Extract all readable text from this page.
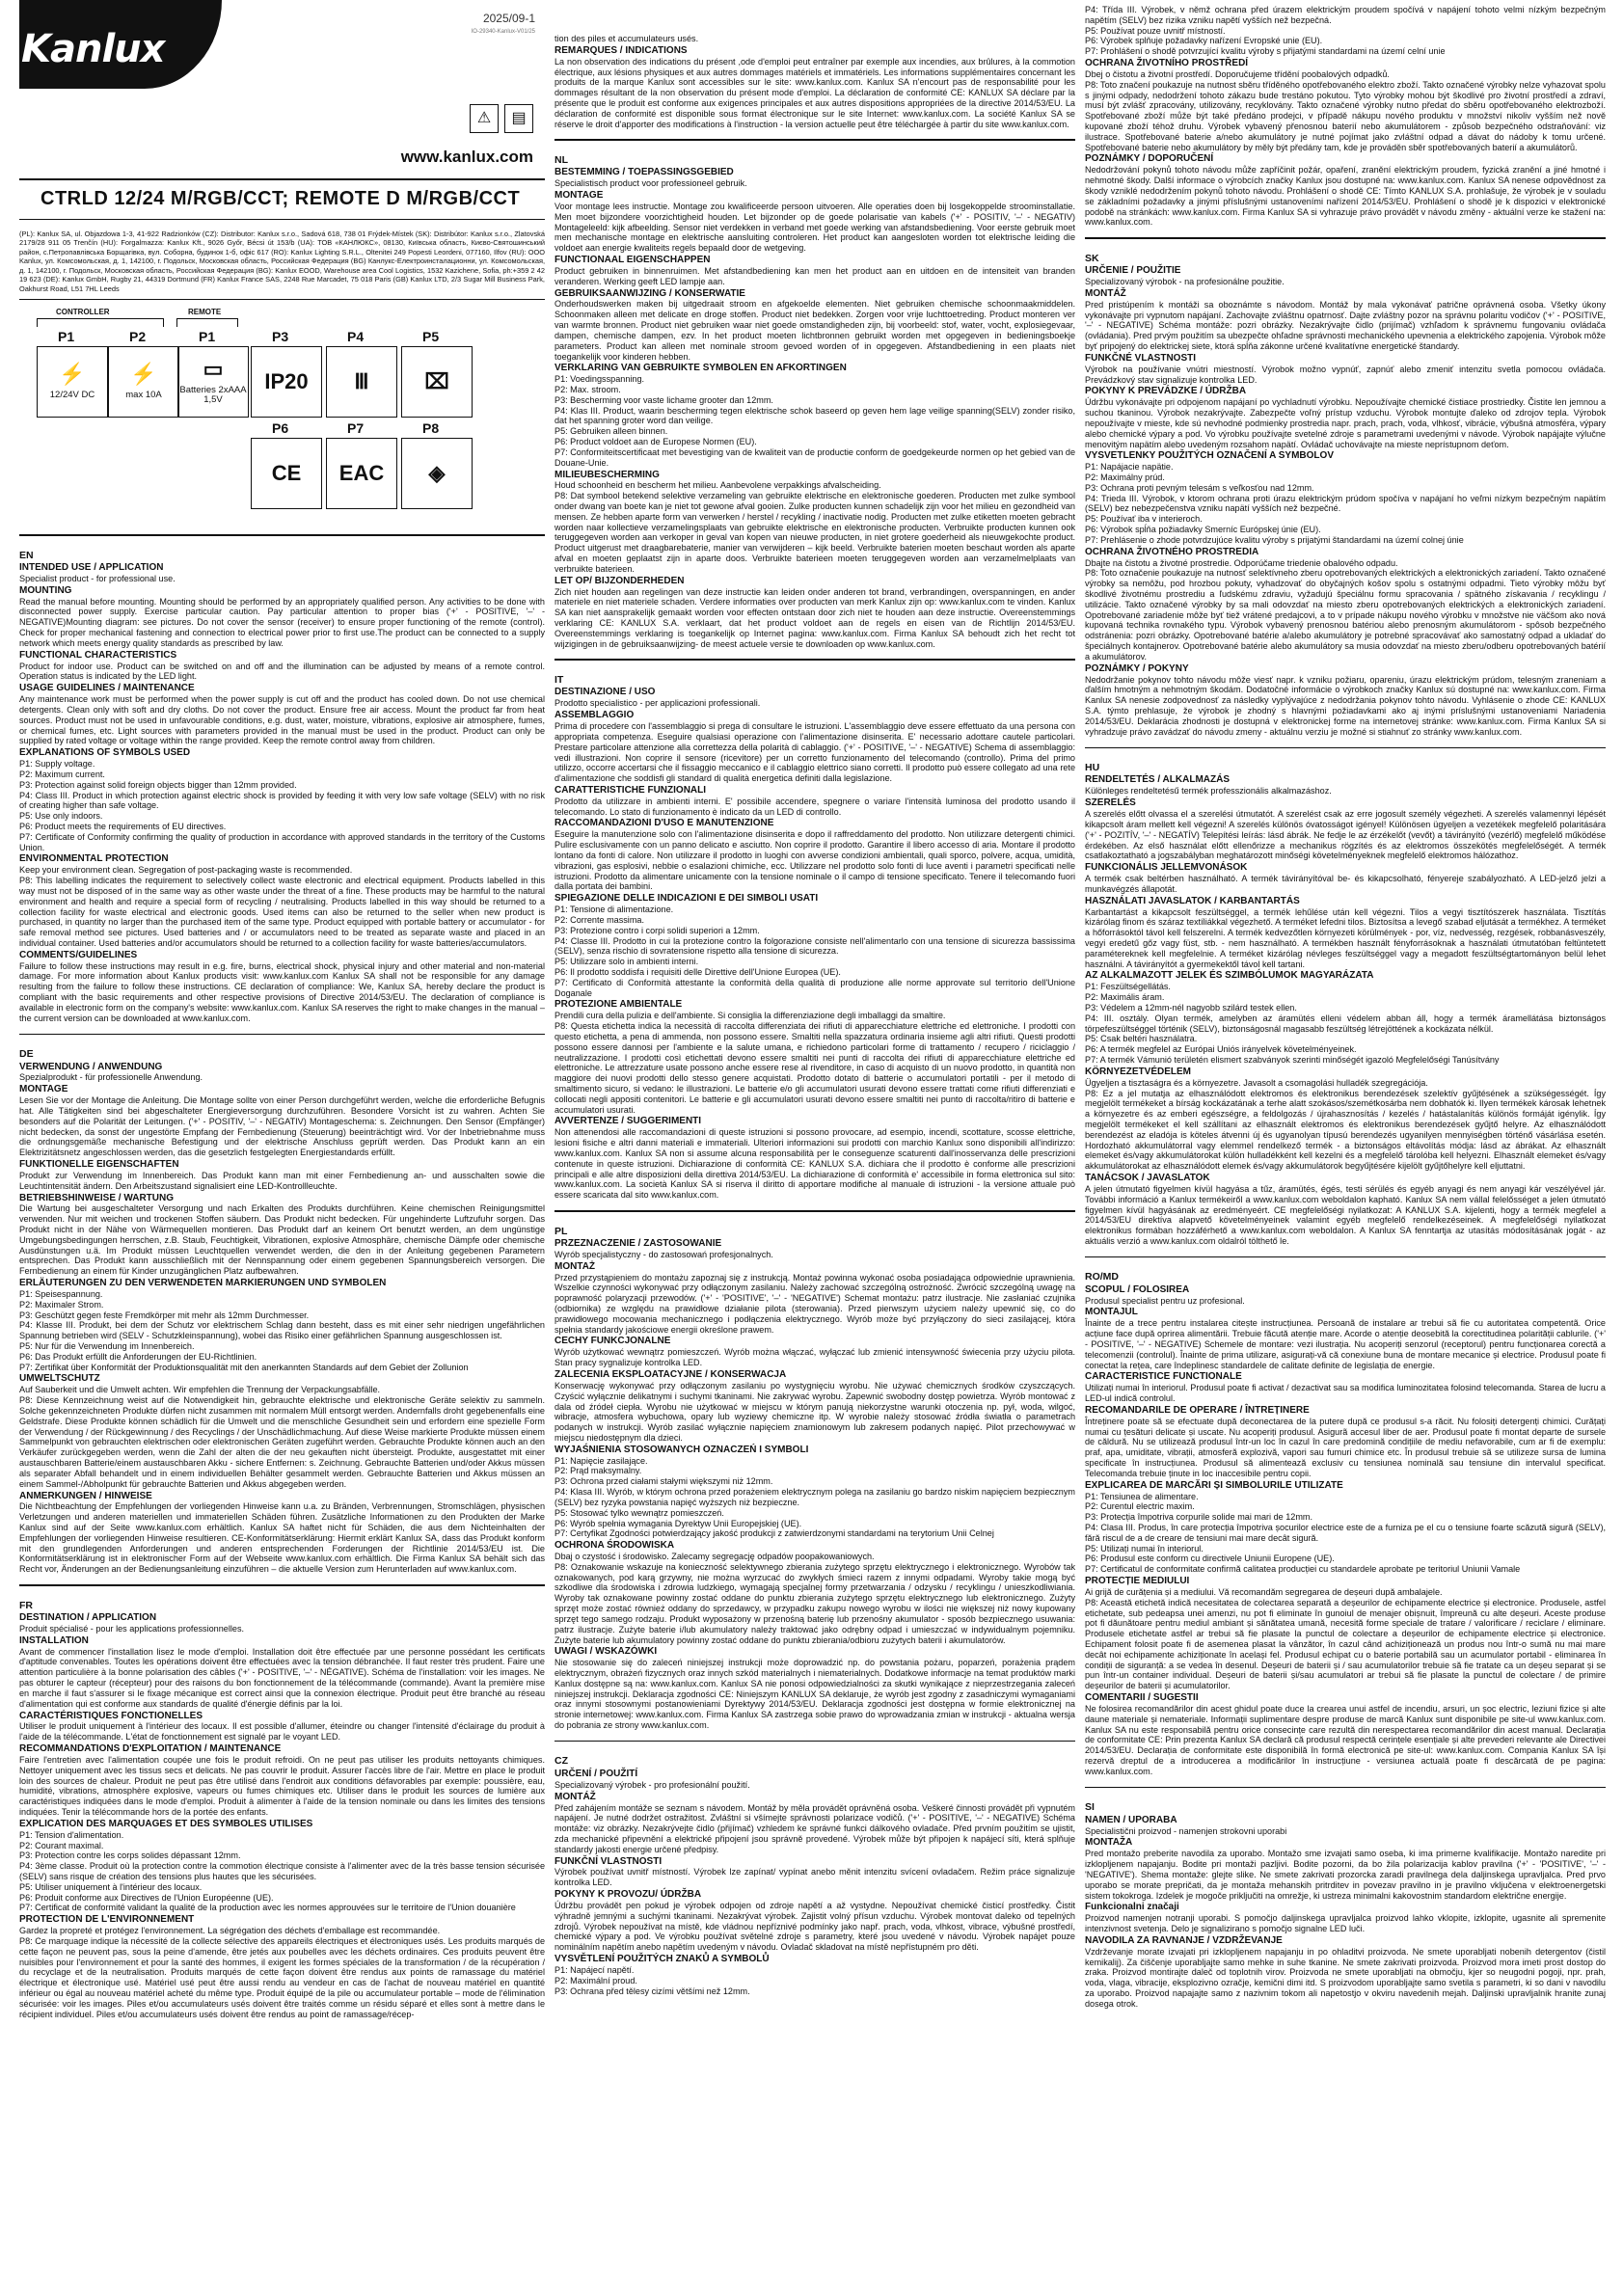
Kanlux
2025/09-1
IO-29340-Kanlux-V01/25
⚠	▤
www.kanlux.com
CTRLD 12/24 M/RGB/CCT; REMOTE D M/RGB/CCT
(PL): Kanlux SA, ul. Objazdowa 1-3, 41-922 Radzionków (CZ): Distributor: Kanlux s.r.o., Sadová 618, 738 01 Frýdek-Místek (SK): Distribútor: Kanlux s.r.o., Zlatovská 2179/28 911 05 Trenčín (HU): Forgalmazza: Kanlux Kft., 9026 Győr, Bécsi út 153/b (UA): ТОВ «КАНЛЮКС», 08130, Київська область, Києво-Святошинський район, с.Петропавлівська Борщагівка, вул. Соборна, будинок 1-б, офіс 617 (RO): Kanlux Lighting S.R.L., Oltenitei 249 Popesti Leordeni, 077160, Ilfov (RU): OOO Kanlux, ул. Комсомольская, д. 1, 142100, г. Подольск, Московская область, Российская Федерация (BG) Канлукс-Електроинсталационни, ул. Комсомольская, д. 1, 142100, г. Подольск, Московская область, Российская Федерация (BG): Kanlux EOOD, Warehouse area Cool Logistics, 1532 Kazichene, Sofia, ph:+359 2 42 19 623 (DE): Kanlux GmbH, Rugby 21, 44319 Dortmund (FR) Kanlux France SAS, 2248 Rue Marcadet, 75 018 Paris (GB) Kanlux LTD, 2/3 Sugar Mill Business Park, Oakhurst Road, L51 7HL Leeds
CONTROLLER	REMOTE
P1
⚡
12/24V DC
P2
⚡
max 10A
P1
▭
Batteries 2xAAA 1,5V
P3
IP20
P4
Ⅲ
P5
⌧
P6
CE
P7
EAC
P8
◈
EN
INTENDED USE / APPLICATION
Specialist product - for professional use.
MOUNTING
Read the manual before mounting. Mounting should be performed by an appropriately qualified person. Any activities to be done with disconnected power supply. Exercise particular caution. Pay particular attention to proper bias ('+' - POSITIVE, '–' - NEGATIVE)Mounting diagram: see pictures. Do not cover the sensor (receiver) to ensure proper functioning of the remote (control). Check for proper mechanical fastening and connection to electrical power prior to first use.The product can be connected to a supply network which meets energy quality standards as prescribed by law.
FUNCTIONAL CHARACTERISTICS
Product for indoor use. Product can be switched on and off and the illumination can be adjusted by means of a remote control. Operation status is indicated by the LED light.
USAGE GUIDELINES / MAINTENANCE
Any maintenance work must be performed when the power supply is cut off and the product has cooled down. Do not use chemical detergents. Clean only with soft and dry cloths. Do not cover the product. Ensure free air access. Mount the product far from heat sources. Product must not be used in unfavourable conditions, e.g. dust, water, moisture, vibrations, explosive air atmosphere, fumes, or chemical fumes, etc. Light sources with parameters provided in the manual must be used in the product. Product can only be supplied by rated voltage or voltage within the range provided. Keep the remote control away from children.
EXPLANATIONS OF SYMBOLS USED
P1: Supply voltage.
P2: Maximum current.
P3: Protection against solid foreign objects bigger than 12mm provided.
P4: Class III. Product in which protection against electric shock is provided by feeding it with very low safe voltage (SELV) with no risk of creating higher than safe voltage.
P5: Use only indoors.
P6: Product meets the requirements of EU directives.
P7: Certificate of Conformity confirming the quality of production in accordance with approved standards in the territory of the Customs Union.
ENVIRONMENTAL PROTECTION
Keep your environment clean. Segregation of post-packaging waste is recommended.
P8: This labelling indicates the requirement to selectively collect waste electronic and electrical equipment. Products labelled in this way must not be disposed of in the same way as other waste under the threat of a fine. These products may be harmful to the natural environment and health and require a special form of recycling / neutralising. Products labelled in this way should be returned to a collection facility for waste electrical and electronic goods. Used items can also be returned to the seller when new product is purchased, in quantity no larger than the purchased item of the same type. Product equipped with portable battery or accumulator - for safe removal method see pictures. Used batteries and / or accumulators need to be treated as separate waste and placed in an individual container. Used batteries and/or accumulators should be returned to a collection facility for waste batteries/accumulators.
COMMENTS/GUIDELINES
Failure to follow these instructions may result in e.g. fire, burns, electrical shock, physical injury and other material and non-material damage. For more information about Kanlux products visit: www.kanlux.com Kanlux SA shall not be responsible for any damage resulting from the failure to follow these instructions. CE declaration of compliance: We, Kanlux SA, hereby declare the product is compliant with the basic requirements and other respective provisions of Directive 2014/53/EU. The declaration of compliance is available in electronic form on the company's website: www.kanlux.com. Kanlux SA reserves the right to make changes in the manual – the current version can be downloaded at www.kanlux.com.
DE
VERWENDUNG / ANWENDUNG
Spezialprodukt - für professionelle Anwendung.
MONTAGE
Lesen Sie vor der Montage die Anleitung. Die Montage sollte von einer Person durchgeführt werden, welche die erforderliche Befugnis hat. Alle Tätigkeiten sind bei abgeschalteter Energieversorgung durchzuführen. Besondere Vorsicht ist zu wahren. Achten Sie besonders auf die Polarität der Leitungen. ('+' - POSITIV, '–' - NEGATIV) Montageschema: s. Zeichnungen. Den Sensor (Empfänger) nicht bedecken, da sonst der ungestörte Empfang der Fernbedienung (Steuerung) beeinträchtigt wird. Vor der Inbetriebnahme muss die ordnungsgemäße mechanische Befestigung und der elektrische Anschluss geprüft werden. Das Produkt kann an ein Elektrizitätsnetz angeschlossen werden, das die gesetzlich festgelegten Energiestandards erfüllt.
FUNKTIONELLE EIGENSCHAFTEN
Produkt zur Verwendung im Innenbereich. Das Produkt kann man mit einer Fernbedienung an- und ausschalten sowie die Leuchtintensität ändern. Den Arbeitszustand signalisiert eine LED-Kontrollleuchte.
BETRIEBSHINWEISE / WARTUNG
Die Wartung bei ausgeschalteter Versorgung und nach Erkalten des Produkts durchführen. Keine chemischen Reinigungsmittel verwenden. Nur mit weichen und trockenen Stoffen säubern. Das Produkt nicht bedecken. Für ungehinderte Luftzufuhr sorgen. Das Produkt nicht in der Nähe von Wärmequellen montieren. Das Produkt darf an keinem Ort benutzt werden, an dem ungünstige Umgebungsbedingungen herrschen, z.B. Staub, Feuchtigkeit, Vibrationen, explosive Atmosphäre, chemische Dämpfe oder chemische Ausdünstungen u.ä. Im Produkt müssen Leuchtquellen verwendet werden, die den in der Anleitung gegebenen Parametern entsprechen. Das Produkt kann ausschließlich mit der Nennspannung oder einem gegebenen Spannungsbereich versorgen. Die Fernbedienung an einem für Kinder unzugänglichen Platz aufbewahren.
ERLÄUTERUNGEN ZU DEN VERWENDETEN MARKIERUNGEN UND SYMBOLEN
P1: Speisespannung.
P2: Maximaler Strom.
P3: Geschützt gegen feste Fremdkörper mit mehr als 12mm Durchmesser.
P4: Klasse III. Produkt, bei dem der Schutz vor elektrischem Schlag dann besteht, dass es mit einer sehr niedrigen ungefährlichen Spannung betrieben wird (SELV - Schutzkleinspannung), wobei das Risiko einer gefährlichen Spannung ausgeschlossen ist.
P5: Nur für die Verwendung im Innenbereich.
P6: Das Produkt erfüllt die Anforderungen der EU-Richtlinien.
P7: Zertifikat über Konformität der Produktionsqualität mit den anerkannten Standards auf dem Gebiet der Zollunion
UMWELTSCHUTZ
Auf Sauberkeit und die Umwelt achten. Wir empfehlen die Trennung der Verpackungsabfälle.
P8: Diese Kennzeichnung weist auf die Notwendigkeit hin, gebrauchte elektrische und elektronische Geräte selektiv zu sammeln. Solche gekennzeichneten Produkte dürfen nicht zusammen mit normalem Müll entsorgt werden. Andernfalls droht gegebenenfalls eine Geldstrafe. Diese Produkte können schädlich für die Umwelt und die menschliche Gesundheit sein und erfordern eine spezielle Form der Verwendung / der Rückgewinnung / des Recyclings / der Unschädlichmachung. Auf diese Weise markierte Produkte müssen einem Sammelpunkt von gebrauchten elektrischen oder elektronischen Geräten zugeführt werden. Gebrauchte Produkte können auch an den Verkäufer zurückgegeben werden, wenn die Zahl der alten die der neu gekauften nicht übersteigt. Produkte, ausgestattet mit einer austauschbaren Batterie/einem austauschbaren Akku - sichere Entfernen: s. Zeichnung. Gebrauchte Batterien und/oder Akkus müssen als separater Abfall behandelt und in einem individuellen Behälter gesammelt werden. Gebrauchte Batterien und Akkus müssen an einem Sammel-/Abholpunkt für gebrauchte Batterien und Akkus abgegeben werden.
ANMERKUNGEN / HINWEISE
Die Nichtbeachtung der Empfehlungen der vorliegenden Hinweise kann u.a. zu Bränden, Verbrennungen, Stromschlägen, physischen Verletzungen und anderen materiellen und immateriellen Schäden führen. Zusätzliche Informationen zu den Produkten der Marke Kanlux sind auf der Seite www.kanlux.com erhältlich. Kanlux SA haftet nicht für Schäden, die aus dem Nichteinhalten der Empfehlungen der vorliegenden Hinweise resultieren. CE-Konformitätserklärung: Hiermit erklärt Kanlux SA, dass das Produkt konform mit den grundlegenden Anforderungen und anderen entsprechenden Forderungen der Richtlinie 2014/53/EU ist. Die Konformitätserklärung ist in elektronischer Form auf der Webseite www.kanlux.com erhältlich. Die Firma Kanlux SA behält sich das Recht vor, Änderungen an der Bedienungsanleitung einzuführen – die aktuelle Version zum Herunterladen auf www.kanlux.com.
FR
DESTINATION / APPLICATION
Produit spécialisé - pour les applications professionnelles.
INSTALLATION
Avant de commencer l'installation lisez le mode d'emploi. Installation doit être effectuée par une personne possédant les certificats d'aptitude convenables. Toutes les opérations doivent être effectuées avec la tension débranchée. Il faut rester très prudent. Faire une attention particulière à la bonne polarisation des câbles ('+' - POSITIVE, '–' - NÉGATIVE). Schéma de l'installation: voir les images. Ne pas obturer le capteur (récepteur) pour des raisons du bon fonctionnement de la télécommande (commande). Avant la première mise en marche il faut s'assurer si le fixage mécanique est correct ainsi que la connexion électrique. Produit peut être branché au réseau d'alimentation qui est conforme aux standards de qualité d'énergie définis par la loi.
CARACTÉRISTIQUES FONCTIONELLES
Utiliser le produit uniquement à l'intérieur des locaux. Il est possible d'allumer, éteindre ou changer l'intensité d'éclairage du produit à l'aide de la télécommande. L'état de fonctionnement est signalé par le voyant LED.
RECOMMANDATIONS D'EXPLOITATION / MAINTENANCE
Faire l'entretien avec l'alimentation coupée une fois le produit refroidi. On ne peut pas utiliser les produits nettoyants chimiques. Nettoyer uniquement avec les tissus secs et delicats. Ne pas couvrir le produit. Assurer l'accès libre de l'air. Mettre en place le produit loin des sources de chaleur. Produit ne peut pas être utilisé dans l'endroit aux conditions défavorables par exemple: poussière, eau, humidité, vibrations, atmosphère explosive, vapeurs ou fumes chimiques etc. Utiliser dans le produit les sources de lumière aux caractéristiques indiquées dans le mode d'emploi. Produit à alimenter à l'aide de la tension nominale ou dans les limites des tensions indiquées. Tenir la télécommande hors de la portée des enfants.
EXPLICATION DES MARQUAGES ET DES SYMBOLES UTILISES
P1: Tension d'alimentation.
P2: Courant maximal.
P3: Protection contre les corps solides dépassant 12mm.
P4: 3ème classe. Produit où la protection contre la commotion électrique consiste à l'alimenter avec de la très basse tension sécurisée (SELV) sans risque de création des tensions plus hautes que les sécurisées.
P5: Utiliser uniquement à l'intérieur des locaux.
P6: Produit conforme aux Directives de l'Union Européenne (UE).
P7: Certificat de conformité validant la qualité de la production avec les normes approuvées sur le territoire de l'Union douanière
PROTECTION DE L'ENVIRONNEMENT
Gardez la propreté et protégez l'environnement. La ségrégation des déchets d'emballage est recommandée.
P8: Ce marquage indique la nécessité de la collecte sélective des appareils électriques et électroniques usés. Les produits marqués de cette façon ne peuvent pas, sous la peine d'amende, être jetés aux poubelles avec les déchets ordinaires. Ces produits peuvent être nuisibles pour l'environnement et pour la santé des hommes, il exigent les formes spéciales de la transformation / de la récupération / du recyclage et de la neutralisation. Produits marqués de cette façon doivent être rendus aux points de ramassage du matériel électrique et électronique usé. Matériel usé peut être aussi rendu au vendeur en cas de l'achat de nouveau matériel en quantité inférieur ou égal au nouveau matériel acheté du même type. Produit équipé de la pile ou accumulateur portable – mode de l'élimination sécurisée: voir les images. Piles et/ou accumulateurs usés doivent être traités comme un résidu séparé et elles sont à mettre dans le récipient individuel. Piles et/ou accumulateurs usés doivent être rendus au point de ramassage/récep-
tion des piles et accumulateurs usés.
REMARQUES / INDICATIONS
La non observation des indications du présent ,ode d'emploi peut entraîner par exemple aux incendies, aux brûlures, à la commotion électrique, aux lésions physiques et aux autres dommages matériels et immatériels. Les informations supplémentaires concernant les produits de la marque Kanlux sont accessibles sur le site: www.kanlux.com. Kanlux SA n'encourt pas de responsabilité pour les dommages résultant de la non observation du présent mode d'emploi. La déclaration de conformité CE: KANLUX SA déclare par la présente que le produit est conforme aux exigences principales et aux autres dispositions appropriées de la directive 2014/53/EU. La déclaration de conformité est disponible sous format électronique sur le site Internet: www.kanlux.com. La société Kanlux SA se réserve le droit d'apporter des modifications à l'instruction - la version actuelle peut être téléchargée à partir du site www.kanlux.com.
NL
BESTEMMING / TOEPASSINGSGEBIED
Specialistisch product voor professioneel gebruik.
MONTAGE
Voor montage lees instructie. Montage zou kwalificeerde persoon uitvoeren. Alle operaties doen bij losgekoppelde stroominstallatie. Men moet bijzondere voorzichtigheid houden. Let bijzonder op de goede polarisatie van kabels ('+' - POSITIV, '–' - NEGATIV) Montageleeld: kijk afbeelding. Sensor niet verdekken in verband met goede werking van afstandsbediening. Voor eerste gebruik moet men mechanische montage en elektrische aansluiting controleren. Het product kan aangesloten worden tot elektrische leiding die voldoet aan energie kwaliteits regels bepaald door de wetgeving.
FUNCTIONAAL EIGENSCHAPPEN
Product gebruiken in binnenruimen. Met afstandbediening kan men het product aan en uitdoen en de intensiteit van branden veranderen. Werking geeft LED lampje aan.
GEBRUIKSAANWIJZING / KONSERWATIE
Onderhoudswerken maken bij uitgedraait stroom en afgekoelde elementen. Niet gebruiken chemische schoonmaakmiddelen. Schoonmaken alleen met delicate en droge stoffen. Product niet bedekken. Zorgen voor vrije luchttoetreding. Product monteren ver van warmte bronnen. Product niet gebruiken waar niet goede omstandigheden zijn, bij voorbeeld: stof, water, vocht, explosiegevaar, dampen, chemische dampen, ezv. In het product moeten lichtbronnen gebruikt worden met opgegeven in bedieningsboekje parameters. Product kan alleen met nominale stroom gevoed worden of in opgegeven. Afstandbediening in een plaats niet toegankelijk voor kinderen hebben.
VERKLARING VAN GEBRUIKTE SYMBOLEN EN AFKORTINGEN
P1: Voedingsspanning.
P2: Max. stroom.
P3: Bescherming voor vaste lichame grooter dan 12mm.
P4: Klas III. Product, waarin bescherming tegen elektrische schok baseerd op geven hem lage veilige spanning(SELV) zonder risiko, dat het spanning groter word dan veilige.
P5: Gebruiken alleen binnen.
P6: Product voldoet aan de Europese Normen (EU).
P7: Conformiteitscertificaat met bevestiging van de kwaliteit van de productie conform de goedgekeurde normen op het gebied van de Douane-Unie.
MILIEUBESCHERMING
Houd schoonheid en bescherm het milieu. Aanbevolene verpakkings afvalscheiding.
P8: Dat symbool betekend selektive verzameling van gebruikte elektrische en elektronische goederen. Producten met zulke symbool onder dwang van boete kan je niet tot gewone afval gooien. Zulke producten kunnen schadelijk zijn voor het milieu en gezondheid van mensen. Ze hebben aparte form van verwerken / herstel / recykling / inactivatie nodig. Producten met zulke etiketten moeten gebracht worden naar kollectieve verzamelingsplaats van gebruikte elektrische en elektronische producten. Verbruikte producten kunnen ook teruggegeven worden aan verkoper in geval van kopen van nieuwe producten, in niet grotere goederheid als nieuwgekochte product. Product uitgerust met draagbarebaterie, manier van verwijderen – kijk beeld. Verbruikte baterien moeten beschaut worden als aparte afval en moeten geplaatst zijn in aparte doos. Verbruikte baterieen moeten teruggegeven worden aan verzamelmelplaats van verbruikte baterieen.
LET OP/ BIJZONDERHEDEN
Zich niet houden aan regelingen van deze instructie kan leiden onder anderen tot brand, verbrandingen, overspanningen, en ander materiele en niet materiele schaden. Verdere informaties over producten van merk Kanlux zijn op: www.kanlux.com te vinden. Kanlux SA kan niet aansprakelijk gemaakt worden voor effecten ontstaan door zich niet te houden aan deze instructie. Overeenstemmings verklaring CE: KANLUX S.A. verklaart, dat het product voldoet aan de regels en eisen van de Richtlijn 2014/53/EU. Overeenstemmings verklaring is toegankelijk op Internet pagina: www.kanlux.com. Firma Kanlux SA behoudt zich het recht tot wijzigingen in de gebruiksaanwijzing- de meest actuele versie te downloaden op www.kanlux.com.
IT
DESTINAZIONE / USO
Prodotto specialistico - per applicazioni professionali.
ASSEMBLAGGIO
Prima di procedere con l'assemblaggio si prega di consultare le istruzioni. L'assemblaggio deve essere effettuato da una persona con appropriata competenza. Eseguire qualsiasi operazione con l'alimentazione disinserita. E' necessario adottare cautele particolari. Prestare particolare attenzione alla correttezza della polarità di cablaggio. ('+' - POSITIVE, '–' - NEGATIVE) Schema di assemblaggio: vedi illustrazioni. Non coprire il sensore (ricevitore) per un corretto funzionamento del telecomando (controllo). Prima del primo utilizzo, occorre accertarsi che il fissaggio meccanico e il cablaggio elettrico siano corretti. Il prodotto può essere collegato ad una rete d'alimentazione che soddisfi gli standard di qualità energetica definiti dalla legislazione.
CARATTERISTICHE FUNZIONALI
Prodotto da utilizzare in ambienti interni. E' possibile accendere, spegnere o variare l'intensità luminosa del prodotto usando il telecomando. Lo stato di funzionamento è indicato da un LED di controllo.
RACCOMANDAZIONI D'USO E MANUTENZIONE
Eseguire la manutenzione solo con l'alimentazione disinserita e dopo il raffreddamento del prodotto. Non utilizzare detergenti chimici. Pulire esclusivamente con un panno delicato e asciutto. Non coprire il prodotto. Garantire il libero accesso di aria. Montare il prodotto lontano da fonti di calore. Non utilizzare il prodotto in luoghi con avverse condizioni ambientali, quali sporco, polvere, acqua, umidità, vibrazioni, gas esplosivi, nebbie o esalazioni chimiche, ecc. Utilizzare nel prodotto solo fonti di luce aventi i parametri specificati nelle istruzioni. Prodotto da alimentare unicamente con la tensione nominale o il campo di tensione specificato. Tenere il telecomando fuori dalla portata dei bambini.
SPIEGAZIONE DELLE INDICAZIONI E DEI SIMBOLI USATI
P1: Tensione di alimentazione.
P2: Corrente massima.
P3: Protezione contro i corpi solidi superiori a 12mm.
P4: Classe III. Prodotto in cui la protezione contro la folgorazione consiste nell'alimentarlo con una tensione di sicurezza bassissima (SELV), senza rischio di sovratensione rispetto alla tensione di sicurezza.
P5: Utilizzare solo in ambienti interni.
P6: Il prodotto soddisfa i requisiti delle Direttive dell'Unione Europea (UE).
P7: Certificato di Conformità attestante la conformità della qualità di produzione alle norme approvate sul territorio dell'Unione Doganale
PROTEZIONE AMBIENTALE
Prendili cura della pulizia e dell'ambiente. Si consiglia la differenziazione degli imballaggi da smaltire.
P8: Questa etichetta indica la necessità di raccolta differenziata dei rifiuti di apparecchiature elettriche ed elettroniche. I prodotti con questo etichetta, a pena di ammenda, non possono essere. Smaltiti nella spazzatura ordinaria insieme agli altri rifiuti. Questi prodotti possono essere dannosi per l'ambiente e la salute umana, e richiedono particolari forme di trattamento / recupero / riciclaggio / neutralizzazione. I prodotti così etichettati devono essere smaltiti nei punti di raccolta dei rifiuti di apparecchiature elettriche ed elettroniche. Le attrezzature usate possono anche essere rese al rivenditore, in caso di acquisto di un nuovo prodotto, in quantità non maggiore dei nuovi prodotti dello stesso genere acquistati. Prodotto dotato di batterie o accumulatori portatili - per il metodo di smaltimento sicuro, si vedano: le illustrazioni. Le batterie e/o gli accumulatori usurati devono essere trattati come rifiuti differenziati e collocati negli appositi contenitori. Le batterie e gli accumulatori usurati devono essere smaltiti nei punto di raccolta/ritiro di batterie e accumulatori usurati.
AVVERTENZE / SUGGERIMENTI
Non attenendosi alle raccomandazioni di queste istruzioni si possono provocare, ad esempio, incendi, scottature, scosse elettriche, lesioni fisiche e altri danni materiali e immateriali. Ulteriori informazioni sui prodotti con marchio Kanlux sono disponibili all'indirizzo: www.kanlux.com. Kanlux SA non si assume alcuna responsabilità per le conseguenze scaturenti dall'inosservanza delle prescrizioni contenute in queste istruzioni. Dichiarazione di conformità CE: KANLUX S.A. dichiara che il prodotto è conforme alle prescrizioni principali e alle altre disposizioni della direttiva 2014/53/EU. La dichiarazione di conformità e' accessibile in forma elettronica sul sito: www.kanlux.com. La società Kanlux SA si riserva il diritto di apportare modifiche al manuale di istruzioni - la versione attuale può essere scaricata dal sito www.kanlux.com.
PL
PRZEZNACZENIE / ZASTOSOWANIE
Wyrób specjalistyczny - do zastosowań profesjonalnych.
MONTAŻ
Przed przystąpieniem do montażu zapoznaj się z instrukcją. Montaż powinna wykonać osoba posiadająca odpowiednie uprawnienia. Wszelkie czynności wykonywać przy odłączonym zasilaniu. Należy zachować szczególną ostrożność. Zwrócić szczególną uwagę na poprawność polaryzacji przewodów. ('+' - 'POSITIVE', '–' - 'NEGATIVE') Schemat montażu: patrz ilustracje. Nie zasłaniać czujnika (odbiornika) ze względu na prawidłowe działanie pilota (sterowania). Przed pierwszym użyciem należy upewnić się, co do prawidłowego mocowania mechanicznego i podłączenia elektrycznego. Wyrób może być przyłączony do sieci zasilającej, która spełnia standardy jakościowe energii określone prawem.
CECHY FUNKCJONALNE
Wyrób użytkować wewnątrz pomieszczeń. Wyrób można włączać, wyłączać lub zmienić intensywność świecenia przy użyciu pilota. Stan pracy sygnalizuje kontrolka LED.
ZALECENIA EKSPLOATACYJNE / KONSERWACJA
Konserwację wykonywać przy odłączonym zasilaniu po wystygnięciu wyrobu. Nie używać chemicznych środków czyszczących. Czyścić wyłącznie delikatnymi i suchymi tkaninami. Nie zakrywać wyrobu. Zapewnić swobodny dostęp powietrza. Wyrób montować z dala od źródeł ciepła. Wyrobu nie użytkować w miejscu w którym panują niekorzystne warunki otoczenia np. pył, woda, wilgoć, wibracje, atmosfera wybuchowa, opary lub wyziewy chemiczne itp. W wyrobie należy stosować źródła światła o parametrach podanych w instrukcji. Wyrób zasilać wyłącznie napięciem znamionowym lub zakresem podanych napięć. Pilot przechowywać w miejscu niedostępnym dla dzieci.
WYJAŚNIENIA STOSOWANYCH OZNACZEŃ I SYMBOLI
P1: Napięcie zasilające.
P2: Prąd maksymalny.
P3: Ochrona przed ciałami stałymi większymi niż 12mm.
P4: Klasa III. Wyrób, w którym ochrona przed porażeniem elektrycznym polega na zasilaniu go bardzo niskim napięciem bezpiecznym (SELV) bez ryzyka powstania napięć wyższych niż bezpieczne.
P5: Stosować tylko wewnątrz pomieszczeń.
P6: Wyrób spełnia wymagania Dyrektyw Unii Europejskiej (UE).
P7: Certyfikat Zgodności potwierdzający jakość produkcji z zatwierdzonymi standardami na terytorium Unii Celnej
OCHRONA ŚRODOWISKA
Dbaj o czystość i środowisko. Zalecamy segregację odpadów poopakowaniowych.
P8: Oznakowanie wskazuje na konieczność selektywnego zbierania zużytego sprzętu elektrycznego i elektronicznego. Wyrobów tak oznakowanych, pod karą grzywny, nie można wyrzucać do zwykłych śmieci razem z innymi odpadami. Wyroby takie mogą być szkodliwe dla środowiska i zdrowia ludzkiego, wymagają specjalnej formy przetwarzania / odzysku / recyklingu / unieszkodliwiania. Wyroby tak oznakowane powinny zostać oddane do punktu zbierania zużytego sprzętu elektrycznego lub elektronicznego. Zużyty sprzęt może zostać również oddany do sprzedawcy, w przypadku zakupu nowego wyrobu w ilości nie większej niż nowy kupowany sprzęt tego samego rodzaju. Produkt wyposażony w przenośną baterię lub przenośny akumulator - sposób bezpiecznego usuwania: patrz ilustracje. Zużyte baterie i/lub akumulatory należy traktować jako odrębny odpad i umieszczać w indywidualnym pojemniku. Zużyte baterie lub akumulatory powinny zostać oddane do punktu zbierania/odbioru zużytych baterii i akumulatorów.
UWAGI / WSKAZÓWKI
Nie stosowanie się do zaleceń niniejszej instrukcji może doprowadzić np. do powstania pożaru, poparzeń, porażenia prądem elektrycznym, obrażeń fizycznych oraz innych szkód materialnych i niematerialnych. Dodatkowe informacje na temat produktów marki Kanlux dostępne są na: www.kanlux.com. Kanlux SA nie ponosi odpowiedzialności za skutki wynikające z nieprzestrzegania zaleceń niniejszej instrukcji. Deklaracja zgodności CE: Niniejszym KANLUX SA deklaruje, że wyrób jest zgodny z zasadniczymi wymaganiami oraz innymi stosownymi postanowieniami Dyrektywy 2014/53/EU. Deklaracja zgodności jest dostępna w formie elektronicznej na stronie internetowej: www.kanlux.com. Firma Kanlux SA zastrzega sobie prawo do wprowadzania zmian w instrukcji - aktualna wersja do pobrania ze strony www.kanlux.com.
CZ
URČENÍ / POUŽITÍ
Specializovaný výrobek - pro profesionální použití.
MONTÁŽ
Před zahájením montáže se seznam s návodem. Montáž by měla provádět oprávněná osoba. Veškeré činnosti provádět při vypnutém napájení. Je nutné dodržet ostražitost. Zvláštní si všímejte správnosti polarizace vodičů. ('+' - POSITIVE, '–' - NEGATIVE) Schéma montáže: viz obrázky. Nezakrývejte čidlo (přijímač) vzhledem ke správné funkci dálkového ovladače. Před prvním použitím se ujistit, zda mechanické připevnění a elektrické připojení jsou správně provedené. Výrobek může být připojen k napájecí síti, která splňuje standardy jakosti energie určené předpisy.
FUNKČNÍ VLASTNOSTI
Výrobek používat uvnitř místností. Výrobek lze zapínat/ vypínat anebo měnit intenzitu svícení ovladačem. Režim práce signalizuje kontrolka LED.
POKYNY K PROVOZU/ ÚDRŽBA
Údržbu provádět pen pokud je výrobek odpojen od zdroje napětí a až vystydne. Nepoužívat chemické čisticí prostředky. Čistit výhradně jemnými a suchými tkaninami. Nezakrývat výrobek. Zajistit volný přísun vzduchu. Výrobek montovat daleko od tepelných zdrojů. Výrobek nepoužívat na místě, kde vládnou nepříznivé podmínky jako např. prach, voda, vlhkost, vibrace, výbušné prostředí, chemické výpary a pod. Ve výrobku používat světelné zdroje s parametry, které jsou uvedené v návodu. Výrobek napájet pouze nominálním napětím anebo napětím uvedeným v návodu. Ovladač skladovat na místě nepřístupném pro děti.
VYSVĚTLENÍ POUŽITÝCH ZNAKŮ A SYMBOLŮ
P1: Napájecí napětí.
P2: Maximální proud.
P3: Ochrana před tělesy cizími většími než 12mm.
P4: Třída III. Výrobek, v němž ochrana před úrazem elektrickým proudem spočívá v napájení tohoto velmi nízkým bezpečným napětím (SELV) bez rizika vzniku napětí vyšších než bezpečná.
P5: Používat pouze uvnitř místností.
P6: Výrobek splňuje požadavky nařízení Evropské unie (EU).
P7: Prohlášení o shodě potvrzující kvalitu výroby s přijatými standardami na území celní unie
OCHRANA ŽIVOTNÍHO PROSTŘEDÍ
Dbej o čistotu a životní prostředí. Doporučujeme třídění poobalových odpadků.
P8: Toto značení poukazuje na nutnost sběru tříděného opotřebovaného elektro zboží. Takto označené výrobky nelze vyhazovat spolu s jinými odpady, nedodržení tohoto zákazu bude trestáno pokutou. Tyto výrobky mohou být škodlivé pro životní prostředí a zdraví, musí být zvlášť zpracovány, utilizovány, recyklovány. Takto označené výrobky nutno předat do sběru opotřebovaného elektrozboží. Spotřebované zboží může být také předáno prodejci, v případě nákupu nového produktu v množství nikoliv vyšším než nově kupované zboží téhož druhu. Výrobek vybavený přenosnou baterií nebo akumulátorem - způsob bezpečného odstraňování: viz ilustrace. Spotřebované baterie a/nebo akumulátory je nutné pojímat jako zvláštní odpad a dávat do nádoby k tomu určené. Spotřebované baterie nebo akumulátory by měly být předány tam, kde je prováděn sběr spotřebovaných baterií a akumulátorů.
POZNÁMKY / DOPORUČENÍ
Nedodržování pokynů tohoto návodu může zapříčinit požár, opaření, zranění elektrickým proudem, fyzická zranění a jiné hmotné i nehmotné škody. Další informace o výrobcích značky Kanlux jsou dostupné na: www.kanlux.com. Kanlux SA nenese odpovědnost za škody vzniklé nedodržením pokynů tohoto návodu. Prohlášení o shodě CE: Tímto KANLUX S.A. prohlašuje, že výrobek je v souladu se základními požadavky a jinými příslušnými ustanoveními nařízení 2014/53/EU. Prohlášení o shodě je k dispozici v elektronické podobě na stránkách: www.kanlux.com. Firma Kanlux SA si vyhrazuje právo provádět v návodu změny - aktuální verze ke stažení na: www.kanlux.com.
SK
URČENIE / POUŽITIE
Specializovaný výrobok - na profesionálne použitie.
MONTÁŽ
Pred pristúpením k montáži sa oboznámte s návodom. Montáž by mala vykonávať patrične oprávnená osoba. Všetky úkony vykonávajte pri vypnutom napájaní. Zachovajte zvláštnu opatrnosť. Dajte zvláštny pozor na správnu polaritu vodičov ('+' - POSITIVE, '–' - NEGATIVE) Schéma montáže: pozri obrázky. Nezakrývajte čidlo (prijímač) vzhľadom k správnemu fungovaniu ovládača (ovládania). Pred prvým použitím sa ubezpečte ohľadne správnosti mechanického upevnenia a elektrického zapojenia. Výrobok môže byť pripojený do elektrickej siete, ktorá spĺňa zákonne určené kvalitatívne energetické štandardy.
FUNKČNÉ VLASTNOSTI
Výrobok na používanie vnútri miestností. Výrobok možno vypnúť, zapnúť alebo zmeniť intenzitu svetla pomocou ovládača. Prevádzkový stav signalizuje kontrolka LED.
POKYNY K PREVÁDZKE / ÚDRŽBA
Údržbu vykonávajte pri odpojenom napájaní po vychladnutí výrobku. Nepoužívajte chemické čistiace prostriedky. Čistite len jemnou a suchou tkaninou. Výrobok nezakrývajte. Zabezpečte voľný prístup vzduchu. Výrobok montujte ďaleko od zdrojov tepla. Výrobok nepoužívajte v mieste, kde sú nevhodné podmienky prostredia napr. prach, prach, voda, vlhkosť, vibrácie, výbušná atmosféra, výpary alebo chemické výpary a pod. Vo výrobku používajte svetelné zdroje s parametrami uvedenými v návode. Výrobok napájajte výlučne menovitým napätím alebo uvedeným rozsahom napätí. Ovládač uchovávajte na mieste neprístupnom deťom.
VYSVETLENKY POUŽITÝCH OZNAČENÍ A SYMBOLOV
P1: Napájacie napätie.
P2: Maximálny prúd.
P3: Ochrana proti pevným telesám s veľkosťou nad 12mm.
P4: Trieda III. Výrobok, v ktorom ochrana proti úrazu elektrickým prúdom spočíva v napájaní ho veľmi nízkym bezpečným napätím (SELV) bez nebezpečenstva vzniku napätí vyšších než bezpečné.
P5: Používať iba v interieroch.
P6: Výrobok spĺňa požiadavky Smerníc Európskej únie (EU).
P7: Prehlásenie o zhode potvrdzujúce kvalitu výroby s prijatými štandardami na území colnej únie
OCHRANA ŽIVOTNÉHO PROSTREDIA
Dbajte na čistotu a životné prostredie. Odporúčame triedenie obalového odpadu.
P8: Toto označenie poukazuje na nutnosť selektívneho zberu opotrebovaných elektrických a elektronických zariadení. Takto označené výrobky sa nemôžu, pod hrozbou pokuty, vyhadzovať do obyčajných košov spolu s ostatnými odpadmi. Tieto výrobky môžu byť škodlivé životnému prostrediu a ľudskému zdraviu, vyžadujú špeciálnu formu spracovania / spätného získavania / recyklingu / utilizácie. Takto označené výrobky by sa mali odovzdať na miesto zberu opotrebovaných elektrických a elektronických zariadení. Opotrebované zariadenie môže byť tiež vrátené predajcovi, a to v prípade nákupu nového výrobku v množstve nie väčšom ako nová kupovaná technika rovnakého typu. Výrobok vybavený prenosnou batériou alebo prenosným akumulátorom - spôsob bezpečného odstránenia: pozri obrázky. Opotrebované batérie a/alebo akumulátory je potrebné spracovávať ako samostatný odpad a ukladať do špeciálnych kontajnerov. Opotrebované batérie alebo akumulátory sa musia odovzdať na miesto zberu/odberu opotrebovaných batérií a akumulátorov.
POZNÁMKY / POKYNY
Nedodržanie pokynov tohto návodu môže viesť napr. k vzniku požiaru, opareniu, úrazu elektrickým prúdom, telesným zraneniam a ďalším hmotným a nehmotným škodám. Dodatočné informácie o výrobkoch značky Kanlux sú dostupné na: www.kanlux.com. Firma Kanlux SA nenesie zodpovednosť za následky vyplývajúce z nedodržania pokynov tohto návodu. Vyhlásenie o zhode CE: KANLUX S.A. týmto prehlasuje, že výrobok je zhodný s hlavnými požiadavkami ako aj inými príslušnými ustanoveniami Nariadenia 2014/53/EU. Deklarácia zhodnosti je dostupná v elektronickej forme na internetovej stránke: www.kanlux.com. Firma Kanlux SA si vyhradzuje právo zavádzať do návodu zmeny - aktuálnu verziu je možné si stiahnuť zo stránky www.kanlux.com.
HU
RENDELTETÉS / ALKALMAZÁS
Különleges rendeltetésű termék professzionális alkalmazáshoz.
SZERELÉS
A szerelés előtt olvassa el a szerelési útmutatót. A szerelést csak az erre jogosult személy végezheti. A szerelés valamennyi lépését kikapcsolt áram mellett kell végezni! A szerelés különös óvatosságot igényel! Különösen ügyeljen a vezetékek megfelelő polaritására ('+' - POZITÍV, '–' - NEGATÍV) Telepítési leírás: lásd ábrák. Ne fedje le az érzékelőt (vevőt) a távirányító (vezérlő) megfelelő működése érdekében. Az első használat előtt ellenőrizze a mechanikus rögzítés és az elektromos összekötés megfelelőségét. A termék csatlakoztatható a jogszabályban meghatározott minőségi követelményeknek megfelelő elektromos hálózathoz.
FUNKCIONÁLIS JELLEMVONÁSOK
A termék csak beltérben használható. A termék távirányítóval be- és kikapcsolható, fényereje szabályozható. A LED-jelző jelzi a munkavégzés állapotát.
HASZNÁLATI JAVASLATOK / KARBANTARTÁS
Karbantartást a kikapcsolt feszültséggel, a termék lehűlése után kell végezni. Tilos a vegyi tisztítószerek használata. Tisztítás kizárólag finom és száraz textíliákkal végezhető. A terméket lefedni tilos. Biztosítsa a levegő szabad eljutását a termékhez. A terméket a hőforrásoktól távol kell felszerelni. A termék kedvezőtlen környezeti körülmények - por, víz, nedvesség, rezgések, robbanásveszély, vegyi eredetű gőz vagy füst, stb. - nem használható. A termékben használt fényforrásoknak a használati útmutatóban feltüntetett paramétereknek kell megfelelnie. A terméket kizárólag névleges feszültséggel vagy a megadott feszültségtartományon belül lehet használni. A távirányítót a gyermekektől távol kell tartani.
AZ ALKALMAZOTT JELEK ÉS SZIMBÓLUMOK MAGYARÁZATA
P1: Feszültségellátás.
P2: Maximális áram.
P3: Védelem a 12mm-nél nagyobb szilárd testek ellen.
P4: III. osztály. Olyan termék, amelyben az áramütés elleni védelem abban áll, hogy a termék áramellátása biztonságos törpefeszültséggel történik (SELV), biztonságosnál magasabb feszültség létrejöttének a kockázata nélkül.
P5: Csak beltéri használatra.
P6: A termék megfelel az Európai Uniós irányelvek követelményeinek.
P7: A termék Vámunió területén elismert szabványok szerinti minőségét igazoló Megfelelőségi Tanúsítvány
KÖRNYEZETVÉDELEM
Ügyeljen a tisztaságra és a környezetre. Javasolt a csomagolási hulladék szegregációja.
P8: Ez a jel mutatja az elhasználódott elektromos és elektronikus berendezések szelektív gyűjtésének a szükségességét. Így megjelölt termékeket a bírság kockázatának a terhe alatt szokásos/szemétkosárba nem dobhatók ki. Ilyen termékek károsak lehetnek a környezetre és az emberi egészségre, a feldolgozás / újrahasznosítás / kezelés / hatástalanítás különös formáját igénylik. Így megjelölt termékeket el kell szállítani az elhasznált elektromos és elektronikus berendezések gyűjtő helyre. Az elhasználódott berendezést az eladója is köteles átvenni új és ugyanolyan típusú berendezés ugyanilyen mennyiségben történő vásárlása esetén. Hordozható akkumulátorral vagy elemmel rendelkező termék - a biztonságos eltávolítás módja: lásd az ábrákat. Az elhasznált elemeket és/vagy akkumulátorokat külön hulladékként kell kezelni és a megfelelő tárolóba kell helyezni. Elhasznált elemeket és/vagy akkumulátorokat az elhasználódott elemek és/vagy akkumulátorok begyűjtésére kijelölt gyűjtőhelyre kell eljuttatni.
TANÁCSOK / JAVASLATOK
A jelen útmutató figyelmen kívül hagyása a tűz, áramütés, égés, testi sérülés és egyéb anyagi és nem anyagi kár veszélyével jár. További információ a Kanlux termékeiről a www.kanlux.com weboldalon kapható. Kanlux SA nem vállal felelősséget a jelen útmutató figyelmen kívül hagyásának az eredményeért. CE megfelelőségi nyilatkozat: A KANLUX S.A. kijelenti, hogy a termék megfelel a 2014/53/EU direktíva alapvető követelményeinek valamint egyéb megfelelő rendelkezéseinek. A megfelelőségi nyilatkozat elektronikus formában hozzáférhető a www.kanlux.com weboldalon. A Kanlux SA fenntartja az utasítás módosításának jogát - az aktuális verzió a www.kanlux.com oldalról tölthető le.
RO/MD
SCOPUL / FOLOSIREA
Produsul specialist pentru uz profesional.
MONTAJUL
Înainte de a trece pentru instalarea citește instrucțiunea. Persoanã de instalare ar trebui sã fie cu autoritatea competentã. Orice acțiune face după oprirea alimentării. Trebuie făcută atenție mare. Acorde o atenție deosebită la corectitudinea polarității cablurile. ('+' - POSITIVE, '–' - NEGATIVE) Schemele de montare: vezi ilustrația. Nu acoperiți senzorul (receptorul) pentru funcționarea corectă a telecomenzii (controlul). Înainte de prima utilizare, asigurați-vă că conexiune buna de montare mecanice și electrice. Produsul poate fi conectat la rețea, care îndeplinesc standardele de calitate definite de legislația de energie.
CARACTERISTICE FUNCTIONALE
Utilizați numai în interiorul. Produsul poate fi activat / dezactivat sau sa modifica luminozitatea folosind telecomanda. Starea de lucru a LED-ul indică controlul.
RECOMANDARILE DE OPERARE / ÎNTREȚINERE
Întreținere poate să se efectuate după deconectarea de la putere după ce produsul s-a răcit. Nu folosiți detergenți chimici. Curățați numai cu țesături delicate și uscate. Nu acoperiți produsul. Asigurã accesul liber de aer. Produsul poate fi montat departe de sursele de căldură. Nu se utilizează produsul într-un loc în cazul în care predomină condițiile de mediu nefavorabile, cum ar fi de exemplu: praf, apa, umiditate, vibrații, atmosferă explozivă, vapori sau fumuri chimice etc. În produsul trebuie sã se utilizeze sursa de lumina specificate în instrucțiunea. Produsul să alimentează exclusiv cu tensiunea nominală sau tensiune din intervalul specificat. Telecomanda trebuie ținute in loc inaccesibile pentru copii.
EXPLICAREA DE MARCĂRI ȘI SIMBOLURILE UTILIZATE
P1: Tensiunea de alimentare.
P2: Curentul electric maxim.
P3: Protecția împotriva corpurile solide mai mari de 12mm.
P4: Clasa III. Produs, în care protecția împotriva șocurilor electrice este de a furniza pe el cu o tensiune foarte scăzută sigură (SELV), fără riscul de a de creare de tensiuni mai mare decât sigură.
P5: Utilizați numai în interiorul.
P6: Produsul este conform cu directivele Uniunii Europene (UE).
P7: Certificatul de conformitate confirmă calitatea producției cu standardele aprobate pe teritoriul Uniunii Vamale
PROTECȚIE MEDIULUI
Ai grijă de curățenia și a mediului. Vă recomandăm segregarea de deșeuri după ambalajele.
P8: Această etichetă indică necesitatea de colectarea separată a deșeurilor de echipamente electrice și electronice. Produsele, astfel etichetate, sub pedeapsa unei amenzi, nu pot fi eliminate în gunoiul de menajer obișnuit, împreună cu alte deșeuri. Aceste produse pot fi dăunătoare pentru mediul ambiant și sănătatea umană, necesită forme speciale de tratare / valorificare / reciclare / eliminare. Produsele etichetate astfel ar trebui să fie plasate la punctul de colectare a deșeurilor de echipamente electrice și electronice. Echipament folosit poate fi de asemenea plasat la vânzător, în cazul când achiziționează un produs nou într-o sumă nu mai mare decât noi echipamente achiziționate în același fel. Produsul echipat cu o baterie portabilă sau un acumulator portabil - eliminarea în condiții de siguranță: a se vedea în desenul. Deșeuri de baterii și / sau acumulatorilor trebuie să fie tratate ca un deșeu separat și se pun într-un container individual. Deșeuri de baterii și/sau acumulatori ar trebui să fie plasate la punctul de colectare / de primire deșeurilor de baterii și acumulatorilor.
COMENTARII / SUGESTII
Ne folosirea recomandărilor din acest ghidul poate duce la crearea unui astfel de incendiu, arsuri, un șoc electric, leziuni fizice și alte daune materiale și nemateriale. Informații suplimentare despre produse de marcă Kanlux sunt disponibile pe site-ul www.kanlux.com. Kanlux SA nu este responsabilă pentru orice consecințe care rezultă din nerespectarea recomandărilor din acest manual. Declarația de conformitate CE: Prin prezenta Kanlux SA declară că produsul respectă cerințele esențiale și alte prevederi relevante ale Directivei 2014/53/EU. Declarația de conformitate este disponibilă în formă electronică pe site-ul: www.kanlux.com. Compania Kanlux SA își rezervă dreptul de a introducerea a modificărilor în instrucțiune - versiunea actuală poate fi descărcată de pe pagina: www.kanlux.com.
SI
NAMEN / UPORABA
Specialistični proizvod - namenjen strokovni uporabi
MONTAŽA
Pred montažo preberite navodila za uporabo. Montažo sme izvajati samo oseba, ki ima primerne kvalifikacije. Montažo naredite pri izklopljenem napajanju. Bodite pri montaži pazljivi. Bodite pozorni, da bo žila polarizacija kablov pravilna ('+' - 'POSITIVE', '–' - 'NEGATIVE'). Shema montaže: glejte slike. Ne smete zakrivati prozorcka zaradi pravilnega dela daljinskega upravljalca. Pred prvo uporabo se morate prepričati, da je montaža mehanskih pritrditev in povezav pravilno in je pravilno vključena v elektroenergetski sistem tokokroga. Izdelek je mogoče priključiti na omrežje, ki ustreza minimalni kakovostnim standardom električne energije.
Funkcionalni značaji
Proizvod namenjen notranji uporabi. S pomočjo daljinskega upravljalca proizvod lahko vklopite, izklopite, ugasnite ali spremenite intenzivnost svetenja. Delo je signalizirano s pomočjo signalne LED luči.
NAVODILA ZA RAVNANJE / VZDRŽEVANJE
Vzdrževanje morate izvajati pri izklopljenem napajanju in po ohladitvi proizvoda. Ne smete uporabljati nobenih detergentov (čistil kemikalij). Za čiščenje uporabljajte samo mehke in suhe tkanine. Ne smete zakrivati proizvoda. Proizvod mora imeti prost dostop do zraka. Proizvod montirajte daleč od toplotnih virov. Proizvoda ne smete uporabljati na območju, kjer so neugodni pogoji, npr. prah, voda, vlaga, vibracije, eksplozivno ozračje, kemični dimi itd. S proizvodom uporabljajte samo svetila s parametri, ki so dani v navodilu za uporabo. Proizvod napajajte samo z nazivnim tokom ali napetostjo v okviru navedenih mejah. Daljinski upravljalnik hranite zunaj dosega otrok.
